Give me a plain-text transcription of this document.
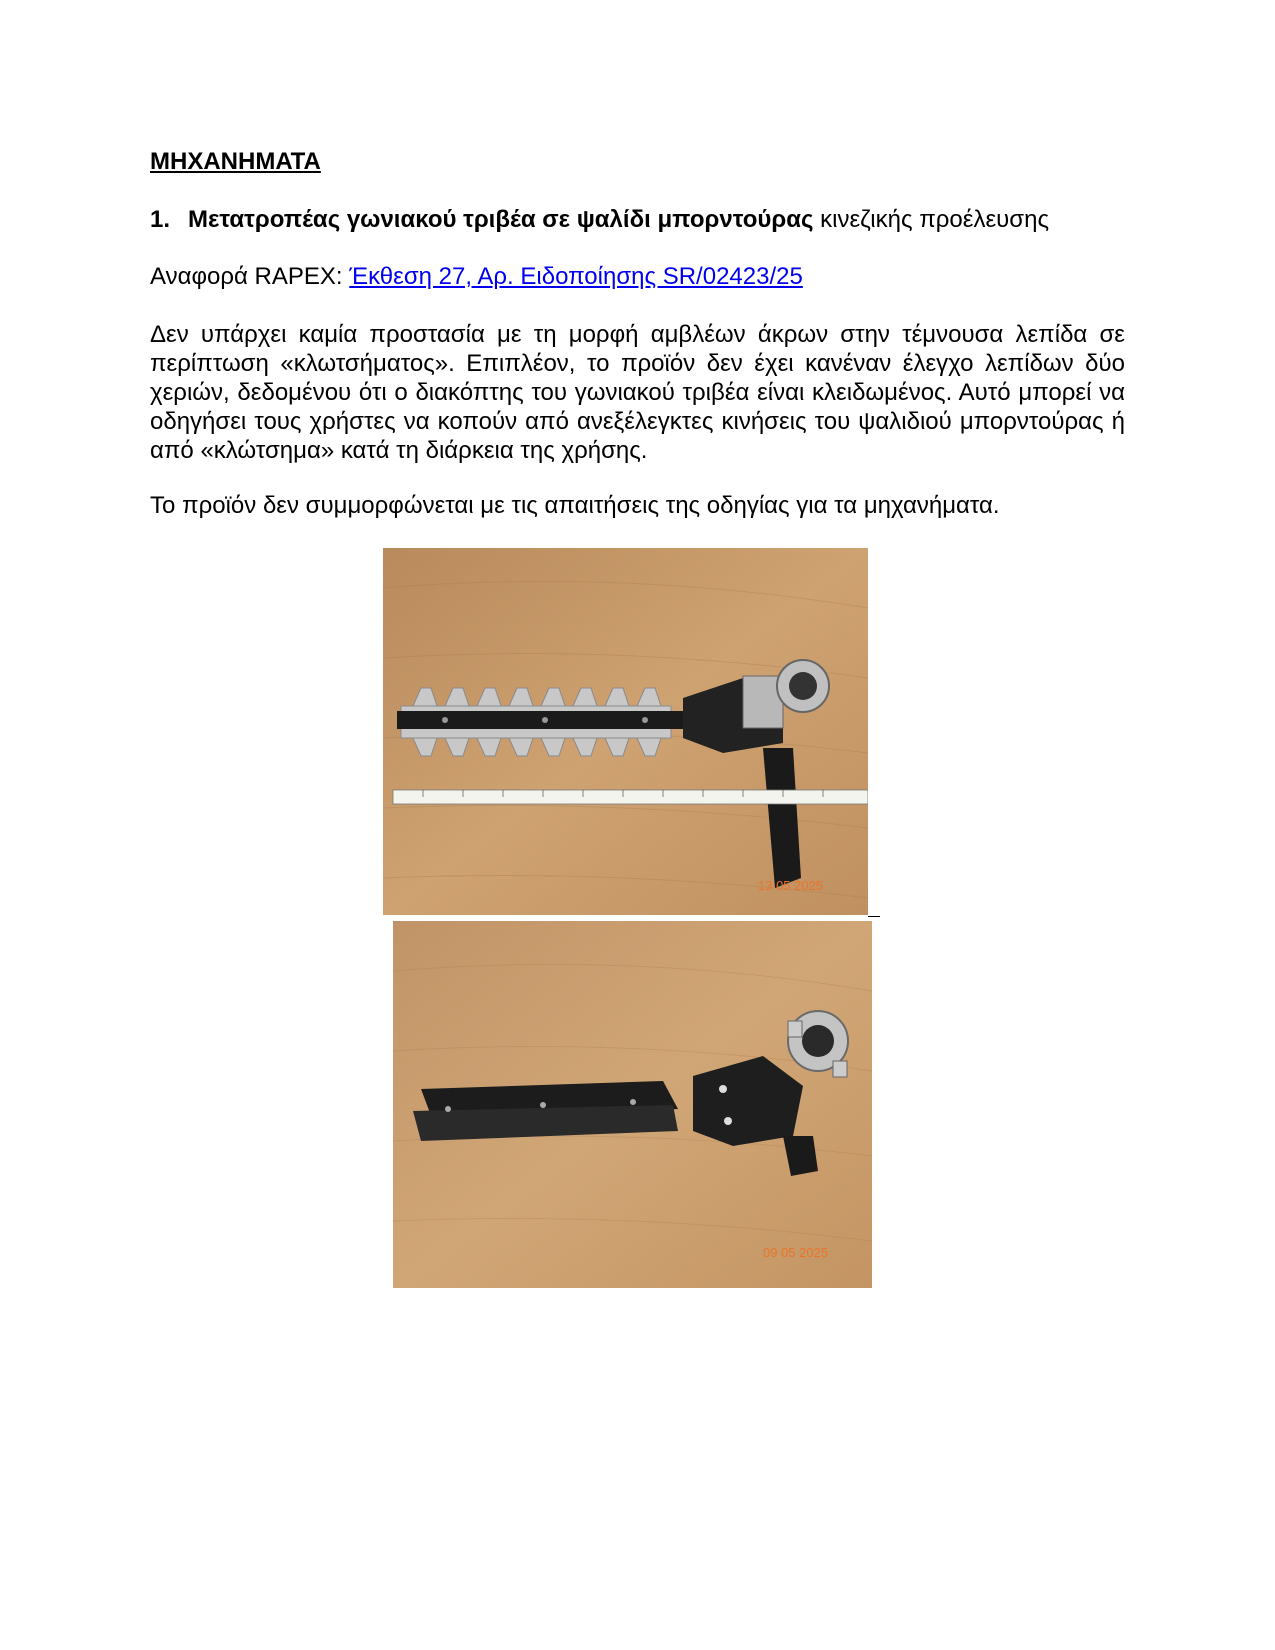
ΜΗΧΑΝΗΜΑΤΑ
1. Μετατροπέας γωνιακού τριβέα σε ψαλίδι μπορντούρας κινεζικής προέλευσης
Αναφορά RAPEX: Έκθεση 27, Αρ. Ειδοποίησης SR/02423/25

Δεν υπάρχει καμία προστασία με τη μορφή αμβλέων άκρων στην τέμνουσα λεπίδα σε περίπτωση «κλωτσήματος». Επιπλέον, το προϊόν δεν έχει κανέναν έλεγχο λεπίδων δύο χεριών, δεδομένου ότι ο διακόπτης του γωνιακού τριβέα είναι κλειδωμένος. Αυτό μπορεί να οδηγήσει τους χρήστες να κοπούν από ανεξέλεγκτες κινήσεις του ψαλιδιού μπορντούρας ή από «κλώτσημα» κατά τη διάρκεια της χρήσης.

Το προϊόν δεν συμμορφώνεται με τις απαιτήσεις της οδηγίας για τα μηχανήματα.

13 05 2025
09 05 2025
